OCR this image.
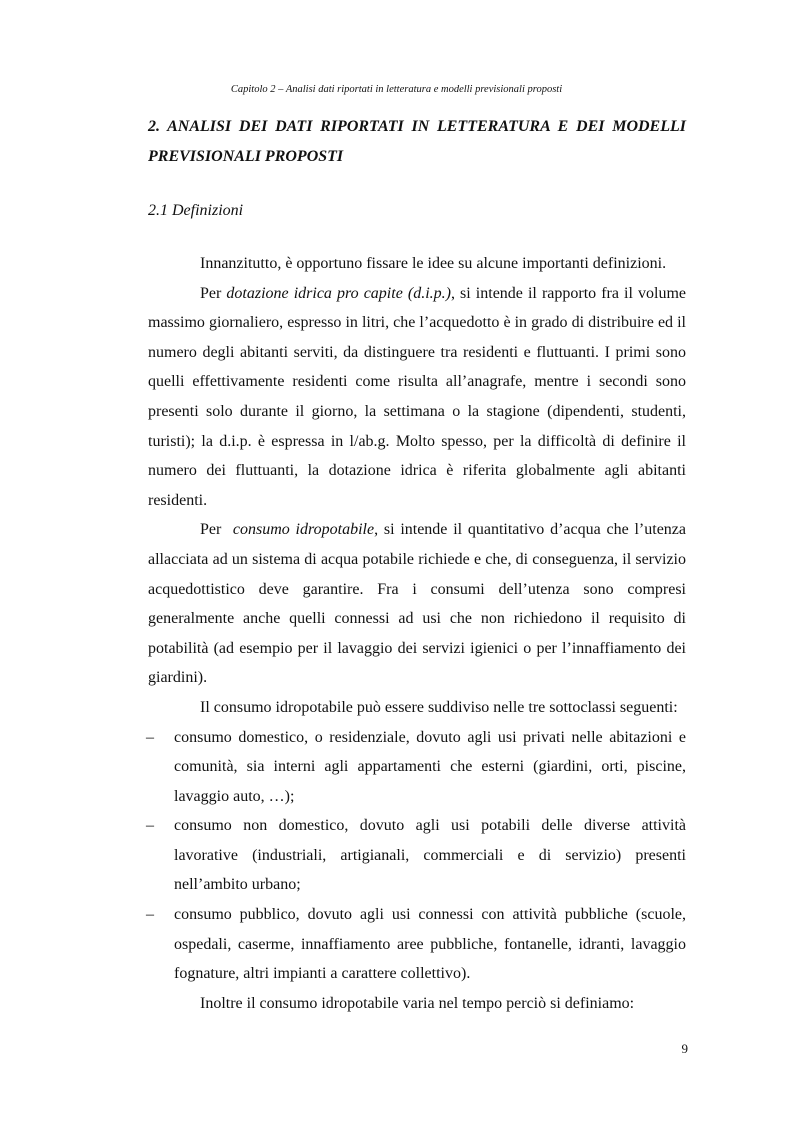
Capitolo 2 – Analisi dati riportati in letteratura e modelli previsionali proposti
2. ANALISI DEI DATI RIPORTATI IN LETTERATURA E DEI MODELLI PREVISIONALI PROPOSTI
2.1 Definizioni

Innanzitutto, è opportuno fissare le idee su alcune importanti definizioni.

Per dotazione idrica pro capite (d.i.p.), si intende il rapporto fra il volume massimo giornaliero, espresso in litri, che l’acquedotto è in grado di distribuire ed il numero degli abitanti serviti, da distinguere tra residenti e fluttuanti. I primi sono quelli effettivamente residenti come risulta all’anagrafe, mentre i secondi sono presenti solo durante il giorno, la settimana o la stagione (dipendenti, studenti, turisti); la d.i.p. è espressa in l/ab.g. Molto spesso, per la difficoltà di definire il numero dei fluttuanti, la dotazione idrica è riferita globalmente agli abitanti residenti.

Per  consumo idropotabile, si intende il quantitativo d’acqua che l’utenza allacciata ad un sistema di acqua potabile richiede e che, di conseguenza, il servizio acquedottistico deve garantire. Fra i consumi dell’utenza sono compresi generalmente anche quelli connessi ad usi che non richiedono il requisito di potabilità (ad esempio per il lavaggio dei servizi igienici o per l’innaffiamento dei giardini).

Il consumo idropotabile può essere suddiviso nelle tre sottoclassi seguenti:

– consumo domestico, o residenziale, dovuto agli usi privati nelle abitazioni e comunità, sia interni agli appartamenti che esterni (giardini, orti, piscine, lavaggio auto, …);
– consumo non domestico, dovuto agli usi potabili delle diverse attività lavorative (industriali, artigianali, commerciali e di servizio) presenti nell’ambito urbano;
– consumo pubblico, dovuto agli usi connessi con attività pubbliche (scuole, ospedali, caserme, innaffiamento aree pubbliche, fontanelle, idranti, lavaggio fognature, altri impianti a carattere collettivo).

Inoltre il consumo idropotabile varia nel tempo perciò si definiamo:

9
